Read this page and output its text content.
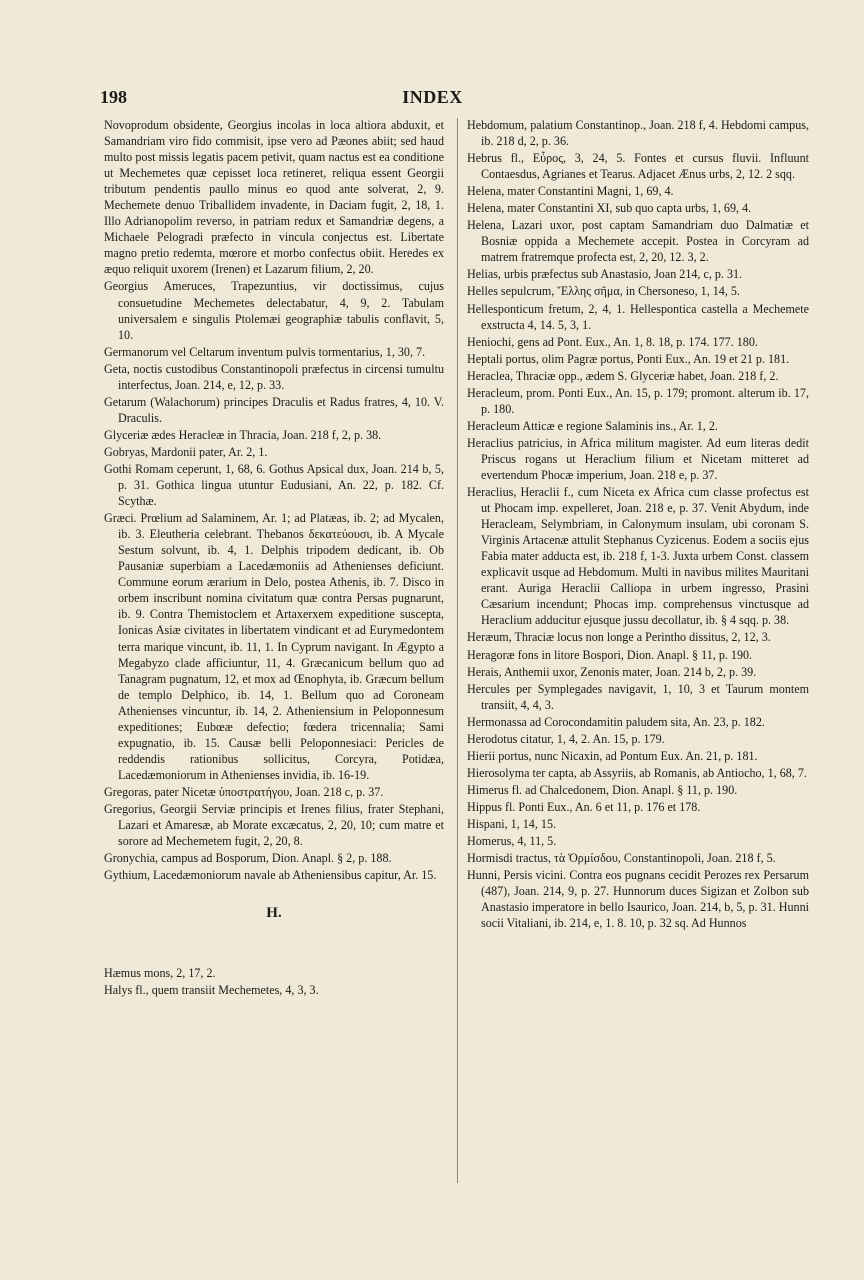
198	INDEX

Novoprodum obsidente, Georgius incolas in loca altiora abduxit, et Samandriam viro fido commisit, ipse vero ad Pæones abiit; sed haud multo post missis legatis pacem petivit, quam nactus est ea conditione ut Mechemetes quæ cepisset loca retineret, reliqua essent Georgii tributum pendentis paullo minus eo quod ante solverat, 2, 9. Mechemete denuo Triballidem invadente, in Daciam fugit, 2, 18, 1. Illo Adrianopolim reverso, in patriam redux et Samandriæ degens, a Michaele Pelogradi præfecto in vincula conjectus est. Libertate magno pretio redemta, mœrore et morbo confectus obiit. Heredes ex æquo reliquit uxorem (Irenen) et Lazarum filium, 2, 20.

Georgius Ameruces, Trapezuntius, vir doctissimus, cujus consuetudine Mechemetes delectabatur, 4, 9, 2. Tabulam universalem e singulis Ptolemæi geographiæ tabulis conflavit, 5, 10.

Germanorum vel Celtarum inventum pulvis tormentarius, 1, 30, 7.

Geta, noctis custodibus Constantinopoli præfectus in circensi tumultu interfectus, Joan. 214, e, 12, p. 33.

Getarum (Walachorum) principes Draculis et Radus fratres, 4, 10. V. Draculis.

Glyceriæ ædes Heracleæ in Thracia, Joan. 218 f, 2, p. 38.

Gobryas, Mardonii pater, Ar. 2, 1.

Gothi Romam ceperunt, 1, 68, 6. Gothus Apsical dux, Joan. 214 b, 5, p. 31. Gothica lingua utuntur Eudusiani, An. 22, p. 182. Cf. Scythæ.

Græci. Prœlium ad Salaminem, Ar. 1; ad Platæas, ib. 2; ad Mycalen, ib. 3. Eleutheria celebrant. Thebanos δεκατεύουσι, ib. A Mycale Sestum solvunt, ib. 4, 1. Delphis tripodem dedicant, ib. Ob Pausaniæ superbiam a Lacedæmoniis ad Athenienses deficiunt. Commune eorum ærarium in Delo, postea Athenis, ib. 7. Disco in orbem inscribunt nomina civitatum quæ contra Persas pugnarunt, ib. 9. Contra Themistoclem et Artaxerxem expeditione suscepta, Ionicas Asiæ civitates in libertatem vindicant et ad Eurymedontem terra marique vincunt, ib. 11, 1. In Cyprum navigant. In Ægypto a Megabyzo clade afficiuntur, 11, 4. Græcanicum bellum quo ad Tanagram pugnatum, 12, et mox ad Œnophyta, ib. Græcum bellum de templo Delphico, ib. 14, 1. Bellum quo ad Coroneam Athenienses vincuntur, ib. 14, 2. Atheniensium in Peloponnesum expeditiones; Eubœæ defectio; fœdera tricennalia; Sami expugnatio, ib. 15. Causæ belli Peloponnesiaci: Pericles de reddendis rationibus sollicitus, Corcyra, Potidæa, Lacedæmoniorum in Athenienses invidia, ib. 16-19.

Gregoras, pater Nicetæ ὑποστρατήγου, Joan. 218 c, p. 37.

Gregorius, Georgii Serviæ principis et Irenes filius, frater Stephani, Lazari et Amaresæ, ab Morate excæcatus, 2, 20, 10; cum matre et sorore ad Mechemetem fugit, 2, 20, 8.

Gronychia, campus ad Bosporum, Dion. Anapl. § 2, p. 188.

Gythium, Lacedæmoniorum navale ab Atheniensibus capitur, Ar. 15.

H.

Hæmus mons, 2, 17, 2.

Halys fl., quem transiit Mechemetes, 4, 3, 3.

Hebdomum, palatium Constantinop., Joan. 218 f, 4. Hebdomi campus, ib. 218 d, 2, p. 36.

Hebrus fl., Εὖρος, 3, 24, 5. Fontes et cursus fluvii. Influunt Contaesdus, Agrianes et Tearus. Adjacet Ænus urbs, 2, 12. 2 sqq.

Helena, mater Constantini Magni, 1, 69, 4.

Helena, mater Constantini XI, sub quo capta urbs, 1, 69, 4.

Helena, Lazari uxor, post captam Samandriam duo Dalmatiæ et Bosniæ oppida a Mechemete accepit. Postea in Corcyram ad matrem fratremque profecta est, 2, 20, 12. 3, 2.

Helias, urbis præfectus sub Anastasio, Joan 214, c, p. 31.

Helles sepulcrum, Ἕλλης σῆμα, in Chersoneso, 1, 14, 5.

Hellesponticum fretum, 2, 4, 1. Hellespontica castella a Mechemete exstructa 4, 14. 5, 3, 1.

Heniochi, gens ad Pont. Eux., An. 1, 8. 18, p. 174. 177. 180.

Heptali portus, olim Pagræ portus, Ponti Eux., An. 19 et 21 p. 181.

Heraclea, Thraciæ opp., ædem S. Glyceriæ habet, Joan. 218 f, 2.

Heracleum, prom. Ponti Eux., An. 15, p. 179; promont. alterum ib. 17, p. 180.

Heracleum Atticæ e regione Salaminis ins., Ar. 1, 2.

Heraclius patricius, in Africa militum magister. Ad eum literas dedit Priscus rogans ut Heraclium filium et Nicetam mitteret ad evertendum Phocæ imperium, Joan. 218 e, p. 37.

Heraclius, Heraclii f., cum Niceta ex Africa cum classe profectus est ut Phocam imp. expelleret, Joan. 218 e, p. 37. Venit Abydum, inde Heracleam, Selymbriam, in Calonymum insulam, ubi coronam S. Virginis Artacenæ attulit Stephanus Cyzicenus. Eodem a sociis ejus Fabia mater adducta est, ib. 218 f, 1-3. Juxta urbem Const. classem explicavit usque ad Hebdomum. Multi in navibus milites Mauritani erant. Auriga Heraclii Calliopa in urbem ingresso, Prasini Cæsarium incendunt; Phocas imp. comprehensus vinctusque ad Heraclium adducitur ejusque jussu decollatur, ib. § 4 sqq. p. 38.

Heræum, Thraciæ locus non longe a Perintho dissitus, 2, 12, 3.

Heragoræ fons in litore Bospori, Dion. Anapl. § 11, p. 190.

Herais, Anthemii uxor, Zenonis mater, Joan. 214 b, 2, p. 39.

Hercules per Symplegades navigavit, 1, 10, 3 et Taurum montem transiit, 4, 4, 3.

Hermonassa ad Corocondamitin paludem sita, An. 23, p. 182.

Herodotus citatur, 1, 4, 2. An. 15, p. 179.

Hierii portus, nunc Nicaxin, ad Pontum Eux. An. 21, p. 181.

Hierosolyma ter capta, ab Assyriis, ab Romanis, ab Antiocho, 1, 68, 7.

Himerus fl. ad Chalcedonem, Dion. Anapl. § 11, p. 190.

Hippus fl. Ponti Eux., An. 6 et 11, p. 176 et 178.

Hispani, 1, 14, 15.

Homerus, 4, 11, 5.

Hormisdi tractus, τὰ Ὁρμίσδου, Constantinopoli, Joan. 218 f, 5.

Hunni, Persis vicini. Contra eos pugnans cecidit Perozes rex Persarum (487), Joan. 214, 9, p. 27. Hunnorum duces Sigizan et Zolbon sub Anastasio imperatore in bello Isaurico, Joan. 214, b, 5, p. 31. Hunni socii Vitaliani, ib. 214, e, 1. 8. 10, p. 32 sq. Ad Hunnos
